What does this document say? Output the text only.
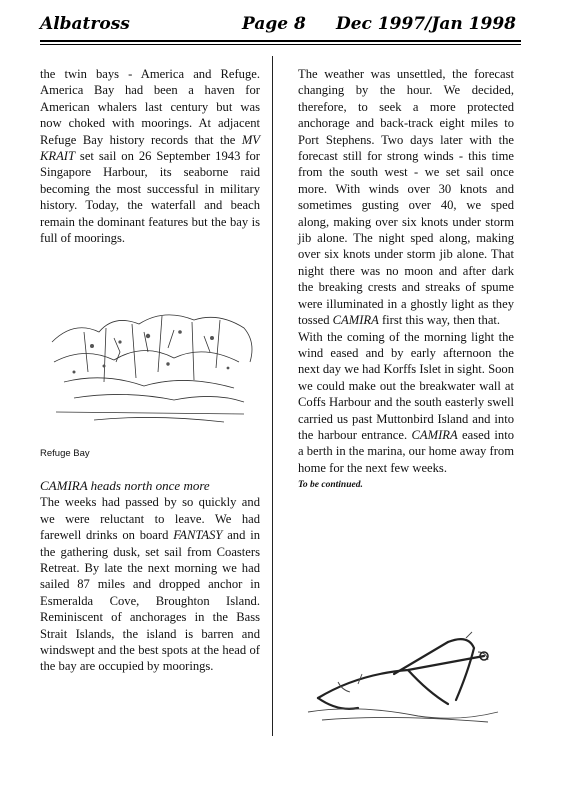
Albatross	Page 8 Dec 1997/Jan 1998

the twin bays - America and Refuge. America Bay had been a haven for American whalers last century but was now choked with moorings. At adjacent Refuge Bay history records that the MV KRAIT set sail on 26 September 1943 for Singapore Harbour, its seaborne raid becoming the most successful in military history. Today, the waterfall and beach remain the dominant features but the bay is full of moorings.

Refuge Bay

CAMIRA heads north once more

The weeks had passed by so quickly and we were reluctant to leave. We had farewell drinks on board FANTASY and in the gathering dusk, set sail from Coasters Retreat. By late the next morning we had sailed 87 miles and dropped anchor in Esmeralda Cove, Broughton Island. Reminiscent of anchorages in the Bass Strait Islands, the island is barren and windswept and the best spots at the head of the bay are occupied by moorings.

The weather was unsettled, the forecast changing by the hour. We decided, therefore, to seek a more protected anchorage and back-track eight miles to Port Stephens. Two days later with the forecast still for strong winds - this time from the south west - we set sail once more. With winds over 30 knots and sometimes gusting over 40, we sped along, making over six knots under storm jib alone. The night sped along, making over six knots under storm jib alone. That night there was no moon and after dark the breaking crests and streaks of spume were illuminated in a ghostly light as they tossed CAMIRA first this way, then that.

With the coming of the morning light the wind eased and by early afternoon the next day we had Korffs Islet in sight. Soon we could make out the breakwater wall at Coffs Harbour and the south easterly swell carried us past Muttonbird Island and into the harbour entrance. CAMIRA eased into a berth in the marina, our home away from home for the next few weeks.

To be continued.
